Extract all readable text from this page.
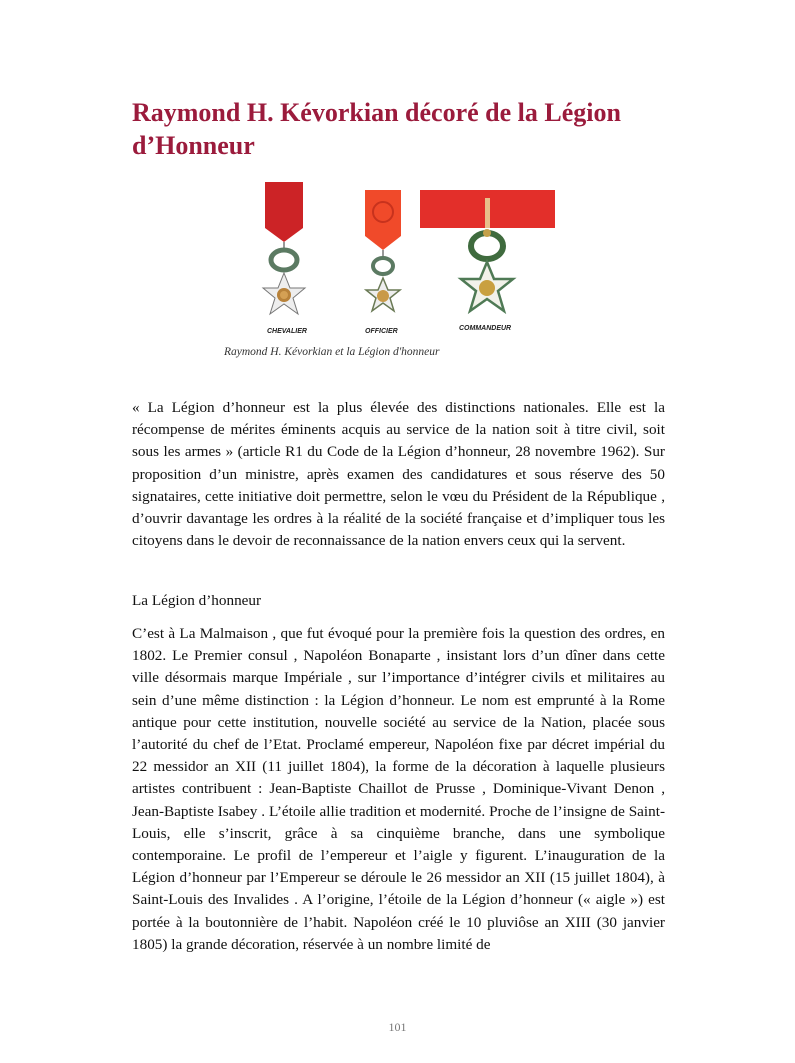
Raymond H. Kévorkian décoré de la Légion d’Honneur
CHEVALIER	OFFICIER	COMMANDEUR
Raymond H. Kévorkian et la Légion d'honneur

« La Légion d’honneur est la plus élevée des distinctions nationales. Elle est la récompense de mérites éminents acquis au service de la nation soit à titre civil, soit sous les armes » (article R1 du Code de la Légion d’honneur, 28 novembre 1962). Sur proposition d’un ministre, après examen des candidatures et sous réserve des 50 signataires, cette initiative doit permettre, selon le vœu du Président de la République , d’ouvrir davantage les ordres à la réalité de la société française et d’impliquer tous les citoyens dans le devoir de reconnaissance de la nation envers ceux qui la servent.

La Légion d’honneur

C’est à La Malmaison , que fut évoqué pour la première fois la question des ordres, en 1802. Le Premier consul , Napoléon Bonaparte , insistant lors d’un dîner dans cette ville désormais marque Impériale , sur l’importance d’intégrer civils et militaires au sein d’une même distinction : la Légion d’honneur. Le nom est emprunté à la Rome antique pour cette institution, nouvelle société au service de la Nation, placée sous l’autorité du chef de l’Etat. Proclamé empereur, Napoléon fixe par décret impérial du 22 messidor an XII (11 juillet 1804), la forme de la décoration à laquelle plusieurs artistes contribuent : Jean-Baptiste Chaillot de Prusse , Dominique-Vivant Denon , Jean-Baptiste Isabey . L’étoile allie tradition et modernité. Proche de l’insigne de Saint-Louis, elle s’inscrit, grâce à sa cinquième branche, dans une symbolique contemporaine. Le profil de l’empereur et l’aigle y figurent. L’inauguration de la Légion d’honneur par l’Empereur se déroule le 26 messidor an XII (15 juillet 1804), à Saint-Louis des Invalides . A l’origine, l’étoile de la Légion d’honneur (« aigle ») est portée à la boutonnière de l’habit. Napoléon créé le 10 pluviôse an XIII (30 janvier 1805) la grande décoration, réservée à un nombre limité de

101
